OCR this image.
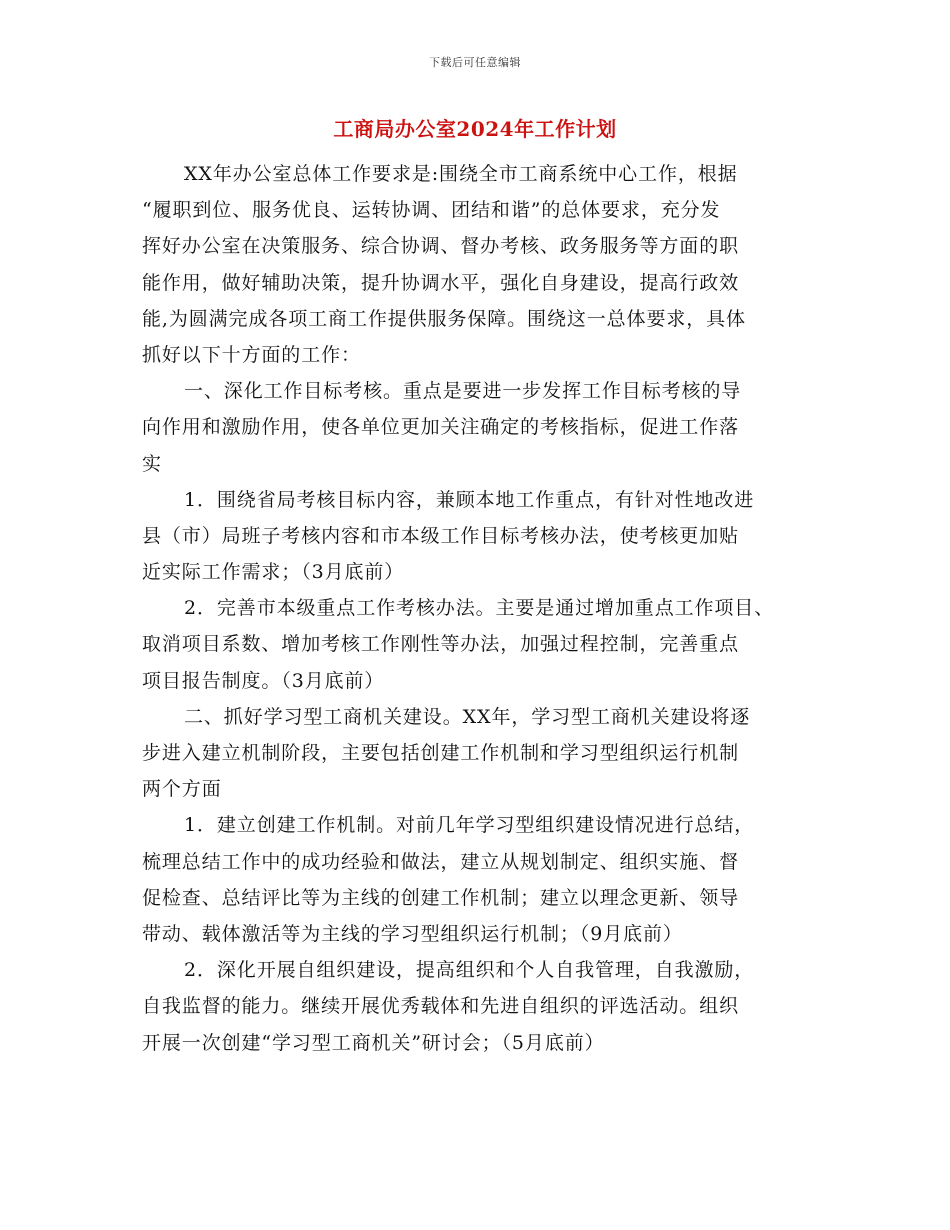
下载后可任意编辑
工商局办公室2024年工作计划
XX年办公室总体工作要求是:围绕全市工商系统中心工作，根据
“履职到位、服务优良、运转协调、团结和谐”的总体要求，充分发
挥好办公室在决策服务、综合协调、督办考核、政务服务等方面的职
能作用，做好辅助决策，提升协调水平，强化自身建设，提高行政效
能,为圆满完成各项工商工作提供服务保障。围绕这一总体要求，具体
抓好以下十方面的工作：
一、深化工作目标考核。重点是要进一步发挥工作目标考核的导
向作用和激励作用，使各单位更加关注确定的考核指标，促进工作落
实
1．围绕省局考核目标内容，兼顾本地工作重点，有针对性地改进
县（市）局班子考核内容和市本级工作目标考核办法，使考核更加贴
近实际工作需求；（3月底前）
2．完善市本级重点工作考核办法。主要是通过增加重点工作项目、
取消项目系数、增加考核工作刚性等办法，加强过程控制，完善重点
项目报告制度。（3月底前）
二、抓好学习型工商机关建设。XX年，学习型工商机关建设将逐
步进入建立机制阶段，主要包括创建工作机制和学习型组织运行机制
两个方面
1．建立创建工作机制。对前几年学习型组织建设情况进行总结，
梳理总结工作中的成功经验和做法，建立从规划制定、组织实施、督
促检查、总结评比等为主线的创建工作机制；建立以理念更新、领导
带动、载体激活等为主线的学习型组织运行机制；（9月底前）
2．深化开展自组织建设，提高组织和个人自我管理，自我激励，
自我监督的能力。继续开展优秀载体和先进自组织的评选活动。组织
开展一次创建“学习型工商机关”研讨会；（5月底前）
